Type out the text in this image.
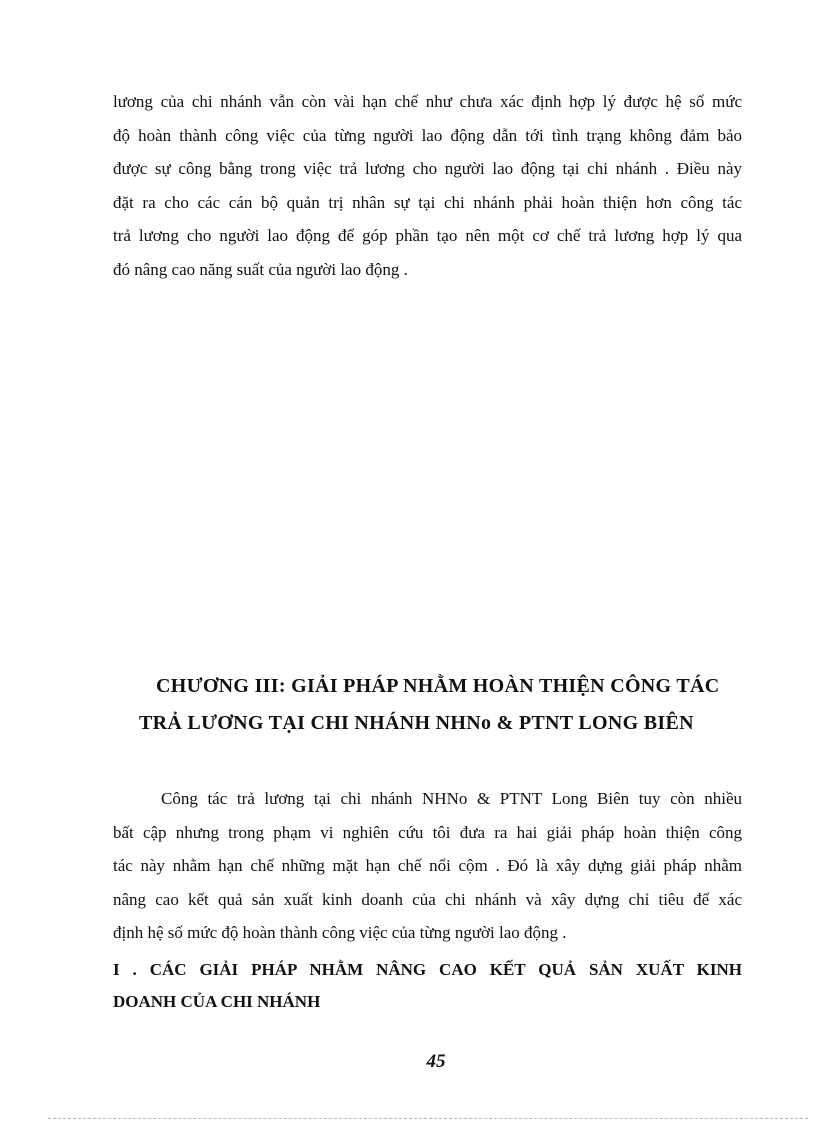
lương của chi nhánh vẫn còn vài hạn chế như chưa xác định hợp lý được hệ số mức
độ hoàn thành công việc của từng người lao động dẫn tới tình trạng không đảm bảo
được sự công bằng trong việc trả lương cho người lao động tại chi nhánh . Điều này
đặt ra cho các cán bộ quản trị nhân sự tại chi nhánh phải hoàn thiện hơn công tác
trả lương cho người lao động để góp phần tạo nên một cơ chế trả lương hợp lý qua
đó nâng cao năng suất của người lao động .
CHƯƠNG III: GIẢI PHÁP NHẰM HOÀN THIỆN CÔNG TÁC
TRẢ LƯƠNG TẠI CHI NHÁNH NHNo & PTNT LONG BIÊN
Công tác trả lương tại chi nhánh NHNo & PTNT Long Biên tuy còn nhiều
bất cập nhưng trong phạm vi nghiên cứu tôi đưa ra hai giải pháp hoàn thiện công
tác này nhằm hạn chế những mặt hạn chế nổi cộm . Đó là xây dựng giải pháp nhằm
nâng cao kết quả sản xuất kinh doanh của chi nhánh và xây dựng chỉ tiêu để xác
định hệ số mức độ hoàn thành công việc của từng người lao động .
I . CÁC GIẢI PHÁP NHẰM NÂNG CAO KẾT QUẢ SẢN XUẤT KINH
DOANH CỦA CHI NHÁNH
45
